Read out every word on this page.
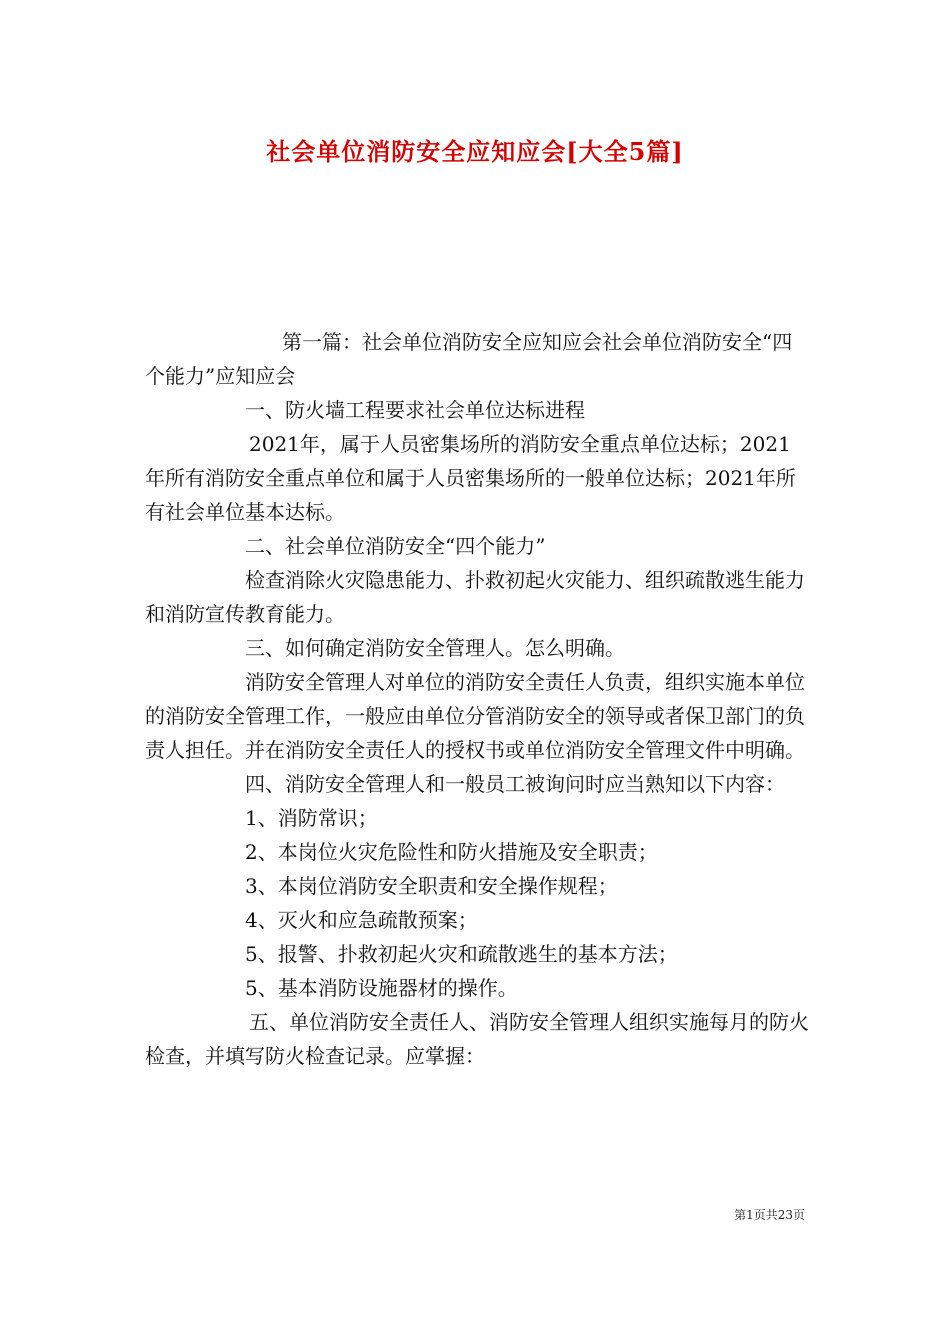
社会单位消防安全应知应会[大全5篇]

第一篇：社会单位消防安全应知应会社会单位消防安全“四个能力”应知应会

一、防火墙工程要求社会单位达标进程

2021年，属于人员密集场所的消防安全重点单位达标；2021年所有消防安全重点单位和属于人员密集场所的一般单位达标；2021年所有社会单位基本达标。

二、社会单位消防安全“四个能力”

检查消除火灾隐患能力、扑救初起火灾能力、组织疏散逃生能力和消防宣传教育能力。

三、如何确定消防安全管理人。怎么明确。

消防安全管理人对单位的消防安全责任人负责，组织实施本单位的消防安全管理工作，一般应由单位分管消防安全的领导或者保卫部门的负责人担任。并在消防安全责任人的授权书或单位消防安全管理文件中明确。

四、消防安全管理人和一般员工被询问时应当熟知以下内容：

1、消防常识；

2、本岗位火灾危险性和防火措施及安全职责；

3、本岗位消防安全职责和安全操作规程；

4、灭火和应急疏散预案；

5、报警、扑救初起火灾和疏散逃生的基本方法；

5、基本消防设施器材的操作。

五、单位消防安全责任人、消防安全管理人组织实施每月的防火检查，并填写防火检查记录。应掌握：

第1页共23页
